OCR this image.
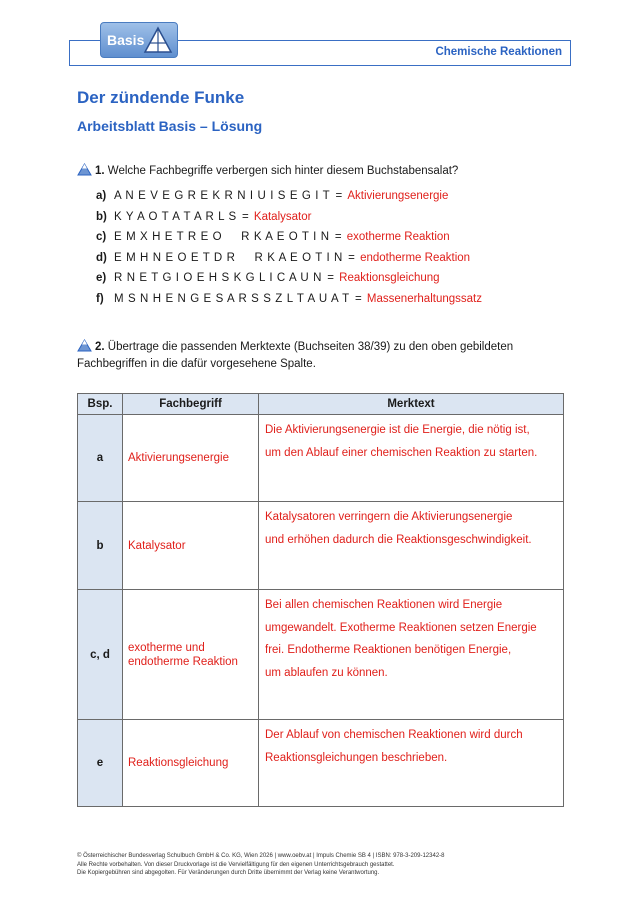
Chemische Reaktionen
Basis
Der zündende Funke
Arbeitsblatt Basis – Lösung
1. Welche Fachbegriffe verbergen sich hinter diesem Buchstabensalat?
a) A N E V E G R E K R N I U I S E G I T = Aktivierungsenergie
b) K Y A O T A T A R L S = Katalysator
c) E M X H E T R E O     R K A E O T I N = exotherme Reaktion
d) E M H N E O E T D R     R K A E O T I N = endotherme Reaktion
e) R N E T G I O E H S K G L I C A U N = Reaktionsgleichung
f) M S N H E N G E S A R S S Z L T A U A T = Massenerhaltungssatz
2. Übertrage die passenden Merktexte (Buchseiten 38/39) zu den oben gebildeten
Fachbegriffen in die dafür vorgesehene Spalte.
Bsp.	Fachbegriff	Merktext
a	Aktivierungsenergie	Die Aktivierungsenergie ist die Energie, die nötig ist,
um den Ablauf einer chemischen Reaktion zu starten.

b	Katalysator	Katalysatoren verringern die Aktivierungsenergie
und erhöhen dadurch die Reaktionsgeschwindigkeit.

c, d	exotherme und endotherme Reaktion	Bei allen chemischen Reaktionen wird Energie
umgewandelt. Exotherme Reaktionen setzen Energie
frei. Endotherme Reaktionen benötigen Energie,
um ablaufen zu können.

e	Reaktionsgleichung	Der Ablauf von chemischen Reaktionen wird durch
Reaktionsgleichungen beschrieben.
© Österreichischer Bundesverlag Schulbuch GmbH & Co. KG, Wien 2026 | www.oebv.at | Impuls Chemie SB 4 | ISBN: 978-3-209-12342-8
Alle Rechte vorbehalten. Von dieser Druckvorlage ist die Vervielfältigung für den eigenen Unterrichtsgebrauch gestattet.
Die Kopiergebühren sind abgegolten. Für Veränderungen durch Dritte übernimmt der Verlag keine Verantwortung.
